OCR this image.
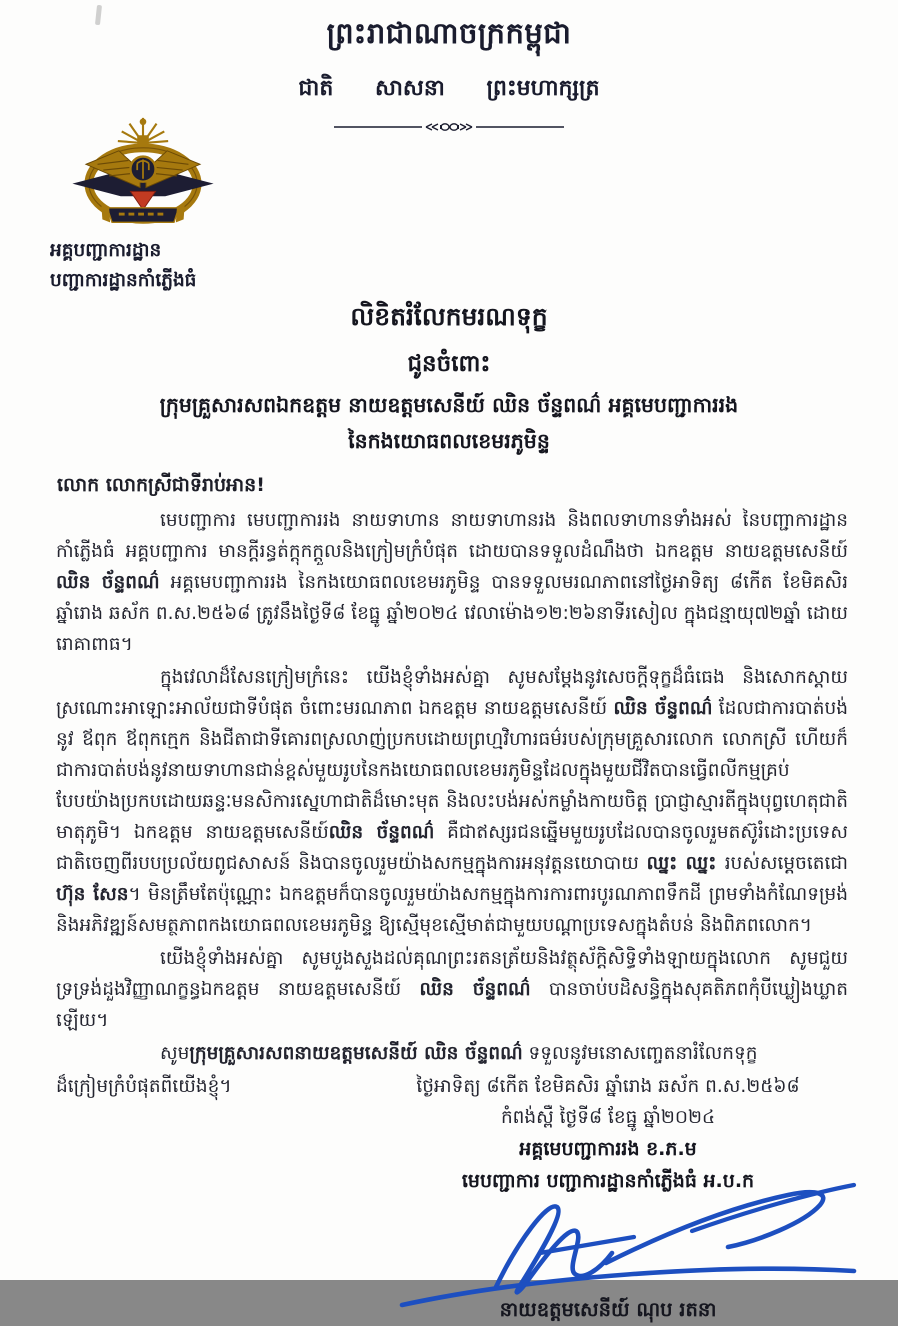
ព្រះរាជាណាចក្រកម្ពុជា
ជាតិ សាសនា ព្រះមហាក្សត្រ
អគ្គបញ្ជាការដ្ឋាន
បញ្ជាការដ្ឋានកាំភ្លើងធំ
លិខិតរំលែកមរណទុក្ខ
ជូនចំពោះ
ក្រុមគ្រួសារសពឯកឧត្តម នាយឧត្តមសេនីយ៍ ឈិន ច័ន្ទពណ៌ អគ្គមេបញ្ជាការរង
នៃកងយោធពលខេមរភូមិន្ទ
លោក លោកស្រីជាទីរាប់អាន!

មេបញ្ជាការ មេបញ្ជាការរង នាយទាហាន នាយទាហានរង និងពលទាហានទាំងអស់ នៃបញ្ជាការដ្ឋានកាំភ្លើងធំ អគ្គបញ្ជាការ មានក្តីរន្ធត់ក្តុកក្តួលនិងក្រៀមក្រំបំផុត ដោយបានទទួលដំណឹងថា ឯកឧត្តម នាយឧត្តមសេនីយ៍ ឈិន ច័ន្ទពណ៌ អគ្គមេបញ្ជាការរង នៃកងយោធពលខេមរភូមិន្ទ បានទទួលមរណភាពនៅថ្ងៃអាទិត្យ ៨កើត ខែមិគសិរ ឆ្នាំរោង ឆស័ក ព.ស.២៥៦៨ ត្រូវនឹងថ្ងៃទី៨ ខែធ្នូ ឆ្នាំ២០២៤ វេលាម៉ោង១២:២៦នាទីរសៀល ក្នុងជន្មាយុ៧២ឆ្នាំ ដោយរោគាពាធ។

ក្នុងវេលាដ៏សែនក្រៀមក្រំនេះ យើងខ្ញុំទាំងអស់គ្នា សូមសម្តែងនូវសេចក្តីទុក្ខដ៏ធំធេង និងសោកស្តាយស្រណោះអាឡោះអាល័យជាទីបំផុត ចំពោះមរណភាព ឯកឧត្តម នាយឧត្តមសេនីយ៍ ឈិន ច័ន្ទពណ៌ ដែលជាការបាត់បង់នូវ ឪពុក ឪពុកក្មេក និងជីតាជាទីគោរពស្រលាញ់ប្រកបដោយព្រហ្មវិហារធម៌របស់ក្រុមគ្រួសារលោក លោកស្រី ហើយក៏ជាការបាត់បង់នូវនាយទាហានជាន់ខ្ពស់មួយរូបនៃកងយោធពលខេមរភូមិន្ទដែលក្នុងមួយជីវិតបានធ្វើពលីកម្មគ្រប់បែបយ៉ាងប្រកបដោយឆន្ទៈមនសិការស្នេហាជាតិដ៏មោះមុត និងលះបង់អស់កម្លាំងកាយចិត្ត ប្រាជ្ញាស្មារតីក្នុងបុព្វហេតុជាតិ មាតុភូមិ។ ឯកឧត្តម នាយឧត្តមសេនីយ៍ឈិន ច័ន្ទពណ៌ គឺជាឥស្សរជនឆ្នើមមួយរូបដែលបានចូលរួមតស៊ូរំដោះប្រទេសជាតិចេញពីរបបប្រល័យពូជសាសន៍ និងបានចូលរួមយ៉ាងសកម្មក្នុងការអនុវត្តនយោបាយ ឈ្នះ ឈ្នះ របស់សម្តេចតេជោ ហ៊ុន សែន។ មិនត្រឹមតែប៉ុណ្ណោះ ឯកឧត្តមក៏បានចូលរួមយ៉ាងសកម្មក្នុងការការពារបូរណភាពទឹកដី ព្រមទាំងកំណែទម្រង់និងអភិវឌ្ឍន៍សមត្ថភាពកងយោធពលខេមរភូមិន្ទ ឱ្យស្មើមុខស្មើមាត់ជាមួយបណ្តាប្រទេសក្នុងតំបន់ និងពិភពលោក។

យើងខ្ញុំទាំងអស់គ្នា សូមបួងសួងដល់គុណព្រះរតនត្រ័យនិងវត្ថុស័ក្តិសិទ្ធិទាំងឡាយក្នុងលោក សូមជួយទ្រទ្រង់ដួងវិញ្ញាណក្ខន្ធឯកឧត្តម នាយឧត្តមសេនីយ៍ ឈិន ច័ន្ទពណ៌ បានចាប់បដិសន្ធិក្នុងសុគតិភពកុំបីឃ្លៀងឃ្លាតឡើយ។

សូមក្រុមគ្រួសារសពនាយឧត្តមសេនីយ៍ ឈិន ច័ន្ទពណ៌ ទទួលនូវមនោសញ្ចេតនារំលែកទុក្ខ

ដ៏ក្រៀមក្រំបំផុតពីយើងខ្ញុំ។	ថ្ងៃអាទិត្យ ៨កើត ខែមិគសិរ ឆ្នាំរោង ឆស័ក ព.ស.២៥៦៨
កំពង់ស្ពឺ ថ្ងៃទី៨ ខែធ្នូ ឆ្នាំ២០២៤
អគ្គមេបញ្ជាការរង ខ.ភ.ម
មេបញ្ជាការ បញ្ជាការដ្ឋានកាំភ្លើងធំ អ.ប.ក
នាយឧត្តមសេនីយ៍ ណុប រតនា
